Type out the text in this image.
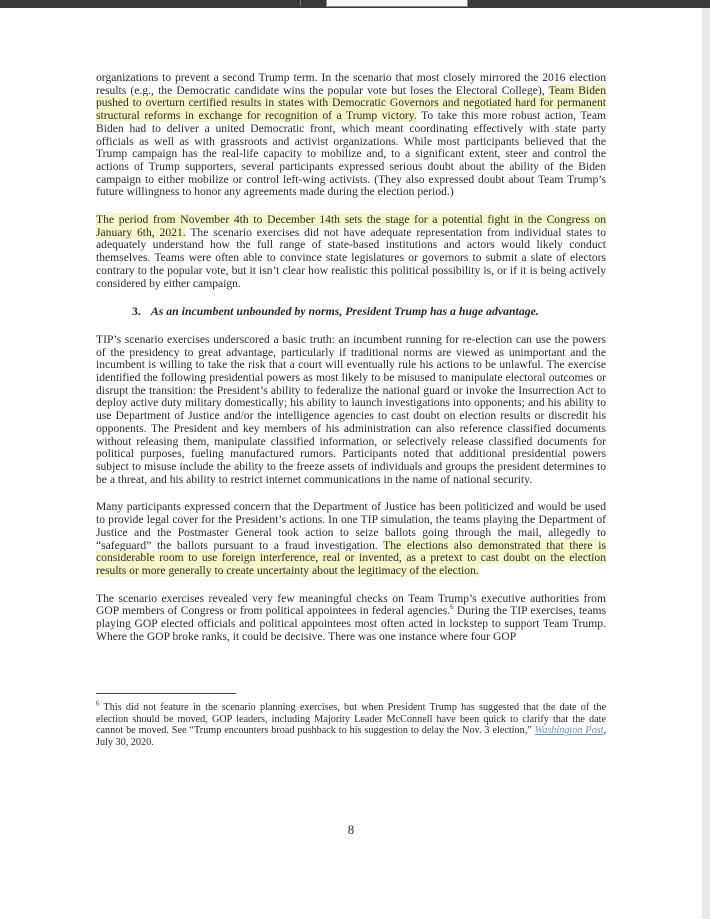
organizations to prevent a second Trump term. In the scenario that most closely mirrored the 2016 election results (e.g., the Democratic candidate wins the popular vote but loses the Electoral College), Team Biden pushed to overturn certified results in states with Democratic Governors and negotiated hard for permanent structural reforms in exchange for recognition of a Trump victory. To take this more robust action, Team Biden had to deliver a united Democratic front, which meant coordinating effectively with state party officials as well as with grassroots and activist organizations. While most participants believed that the Trump campaign has the real-life capacity to mobilize and, to a significant extent, steer and control the actions of Trump supporters, several participants expressed serious doubt about the ability of the Biden campaign to either mobilize or control left-wing activists. (They also expressed doubt about Team Trump’s future willingness to honor any agreements made during the election period.)

The period from November 4th to December 14th sets the stage for a potential fight in the Congress on January 6th, 2021. The scenario exercises did not have adequate representation from individual states to adequately understand how the full range of state-based institutions and actors would likely conduct themselves. Teams were often able to convince state legislatures or governors to submit a slate of electors contrary to the popular vote, but it isn’t clear how realistic this political possibility is, or if it is being actively considered by either campaign.

3. As an incumbent unbounded by norms, President Trump has a huge advantage.

TIP’s scenario exercises underscored a basic truth: an incumbent running for re-election can use the powers of the presidency to great advantage, particularly if traditional norms are viewed as unimportant and the incumbent is willing to take the risk that a court will eventually rule his actions to be unlawful. The exercise identified the following presidential powers as most likely to be misused to manipulate electoral outcomes or disrupt the transition: the President’s ability to federalize the national guard or invoke the Insurrection Act to deploy active duty military domestically; his ability to launch investigations into opponents; and his ability to use Department of Justice and/or the intelligence agencies to cast doubt on election results or discredit his opponents. The President and key members of his administration can also reference classified documents without releasing them, manipulate classified information, or selectively release classified documents for political purposes, fueling manufactured rumors. Participants noted that additional presidential powers subject to misuse include the ability to the freeze assets of individuals and groups the president determines to be a threat, and his ability to restrict internet communications in the name of national security.

Many participants expressed concern that the Department of Justice has been politicized and would be used to provide legal cover for the President’s actions. In one TIP simulation, the teams playing the Department of Justice and the Postmaster General took action to seize ballots going through the mail, allegedly to “safeguard” the ballots pursuant to a fraud investigation. The elections also demonstrated that there is considerable room to use foreign interference, real or invented, as a pretext to cast doubt on the election results or more generally to create uncertainty about the legitimacy of the election.

The scenario exercises revealed very few meaningful checks on Team Trump’s executive authorities from GOP members of Congress or from political appointees in federal agencies.$^6$ During the TIP exercises, teams playing GOP elected officials and political appointees most often acted in lockstep to support Team Trump. Where the GOP broke ranks, it could be decisive. There was one instance where four GOP

$^6$ This did not feature in the scenario planning exercises, but when President Trump has suggested that the date of the election should be moved, GOP leaders, including Majority Leader McConnell have been quick to clarify that the date cannot be moved. See “Trump encounters broad pushback to his suggestion to delay the Nov. 3 election,” Washington Post, July 30, 2020.
8
